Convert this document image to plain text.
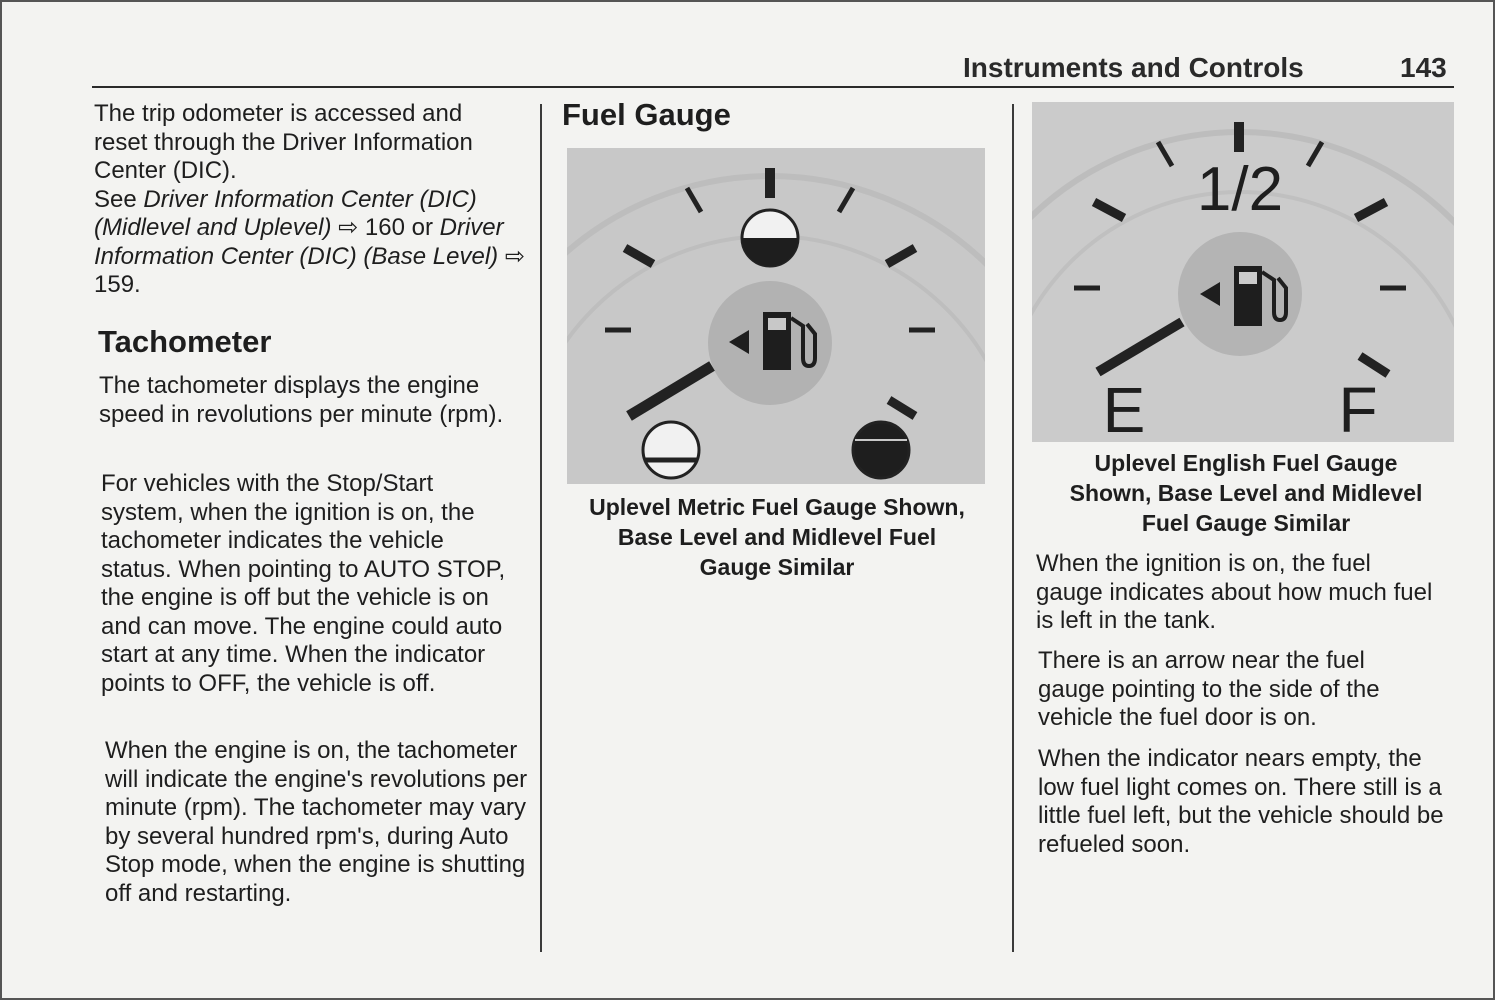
Instruments and Controls	143

The trip odometer is accessed and

reset through the Driver Information

Center (DIC).

See Driver Information Center (DIC) (Midlevel and Uplevel) ⇨ 160 or Driver Information Center (DIC) (Base Level) ⇨ 159.

Tachometer
The tachometer displays the engine speed in revolutions per minute (rpm).
For vehicles with the Stop/Start system, when the ignition is on, the tachometer indicates the vehicle status. When pointing to AUTO STOP, the engine is off but the vehicle is on and can move. The engine could auto start at any time. When the indicator points to OFF, the vehicle is off.
When the engine is on, the tachometer will indicate the engine's revolutions per minute (rpm). The tachometer may vary by several hundred rpm's, during Auto Stop mode, when the engine is shutting off and restarting.
Fuel Gauge
Uplevel Metric Fuel Gauge Shown,
Base Level and Midlevel Fuel
Gauge Similar
1/2
E	F
Uplevel English Fuel Gauge
Shown, Base Level and Midlevel
Fuel Gauge Similar
When the ignition is on, the fuel gauge indicates about how much fuel is left in the tank.
There is an arrow near the fuel gauge pointing to the side of the vehicle the fuel door is on.
When the indicator nears empty, the low fuel light comes on. There still is a little fuel left, but the vehicle should be refueled soon.
